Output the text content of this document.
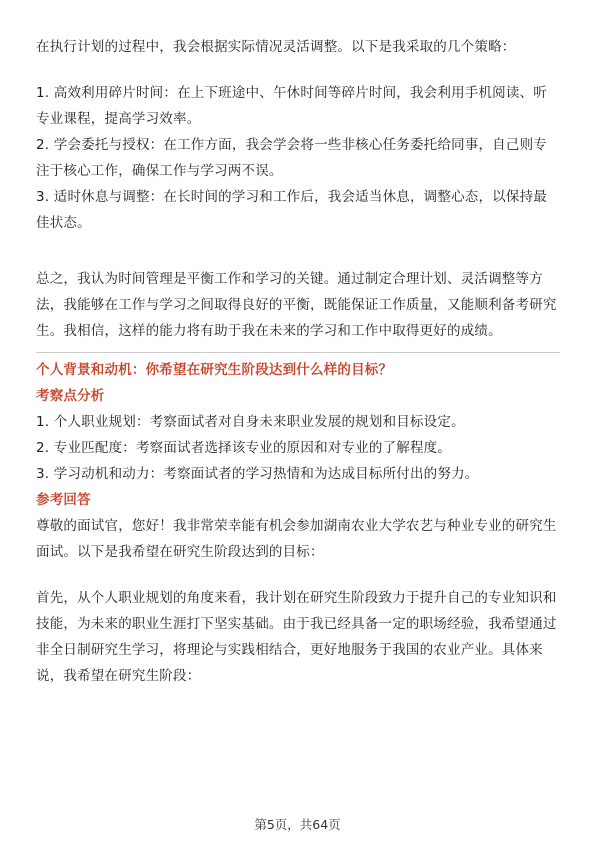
在执行计划的过程中，我会根据实际情况灵活调整。以下是我采取的几个策略：

1. 高效利用碎片时间：在上下班途中、午休时间等碎片时间，我会利用手机阅读、听专业课程，提高学习效率。

2. 学会委托与授权：在工作方面，我会学会将一些非核心任务委托给同事，自己则专注于核心工作，确保工作与学习两不误。

3. 适时休息与调整：在长时间的学习和工作后，我会适当休息，调整心态，以保持最佳状态。

总之，我认为时间管理是平衡工作和学习的关键。通过制定合理计划、灵活调整等方法，我能够在工作与学习之间取得良好的平衡，既能保证工作质量，又能顺利备考研究生。我相信，这样的能力将有助于我在未来的学习和工作中取得更好的成绩。

个人背景和动机：你希望在研究生阶段达到什么样的目标？

考察点分析

1. 个人职业规划：考察面试者对自身未来职业发展的规划和目标设定。

2. 专业匹配度：考察面试者选择该专业的原因和对专业的了解程度。

3. 学习动机和动力：考察面试者的学习热情和为达成目标所付出的努力。

参考回答

尊敬的面试官，您好！我非常荣幸能有机会参加湖南农业大学农艺与种业专业的研究生面试。以下是我希望在研究生阶段达到的目标：

首先，从个人职业规划的角度来看，我计划在研究生阶段致力于提升自己的专业知识和技能，为未来的职业生涯打下坚实基础。由于我已经具备一定的职场经验，我希望通过非全日制研究生学习，将理论与实践相结合，更好地服务于我国的农业产业。具体来说，我希望在研究生阶段：

第5页，共64页
